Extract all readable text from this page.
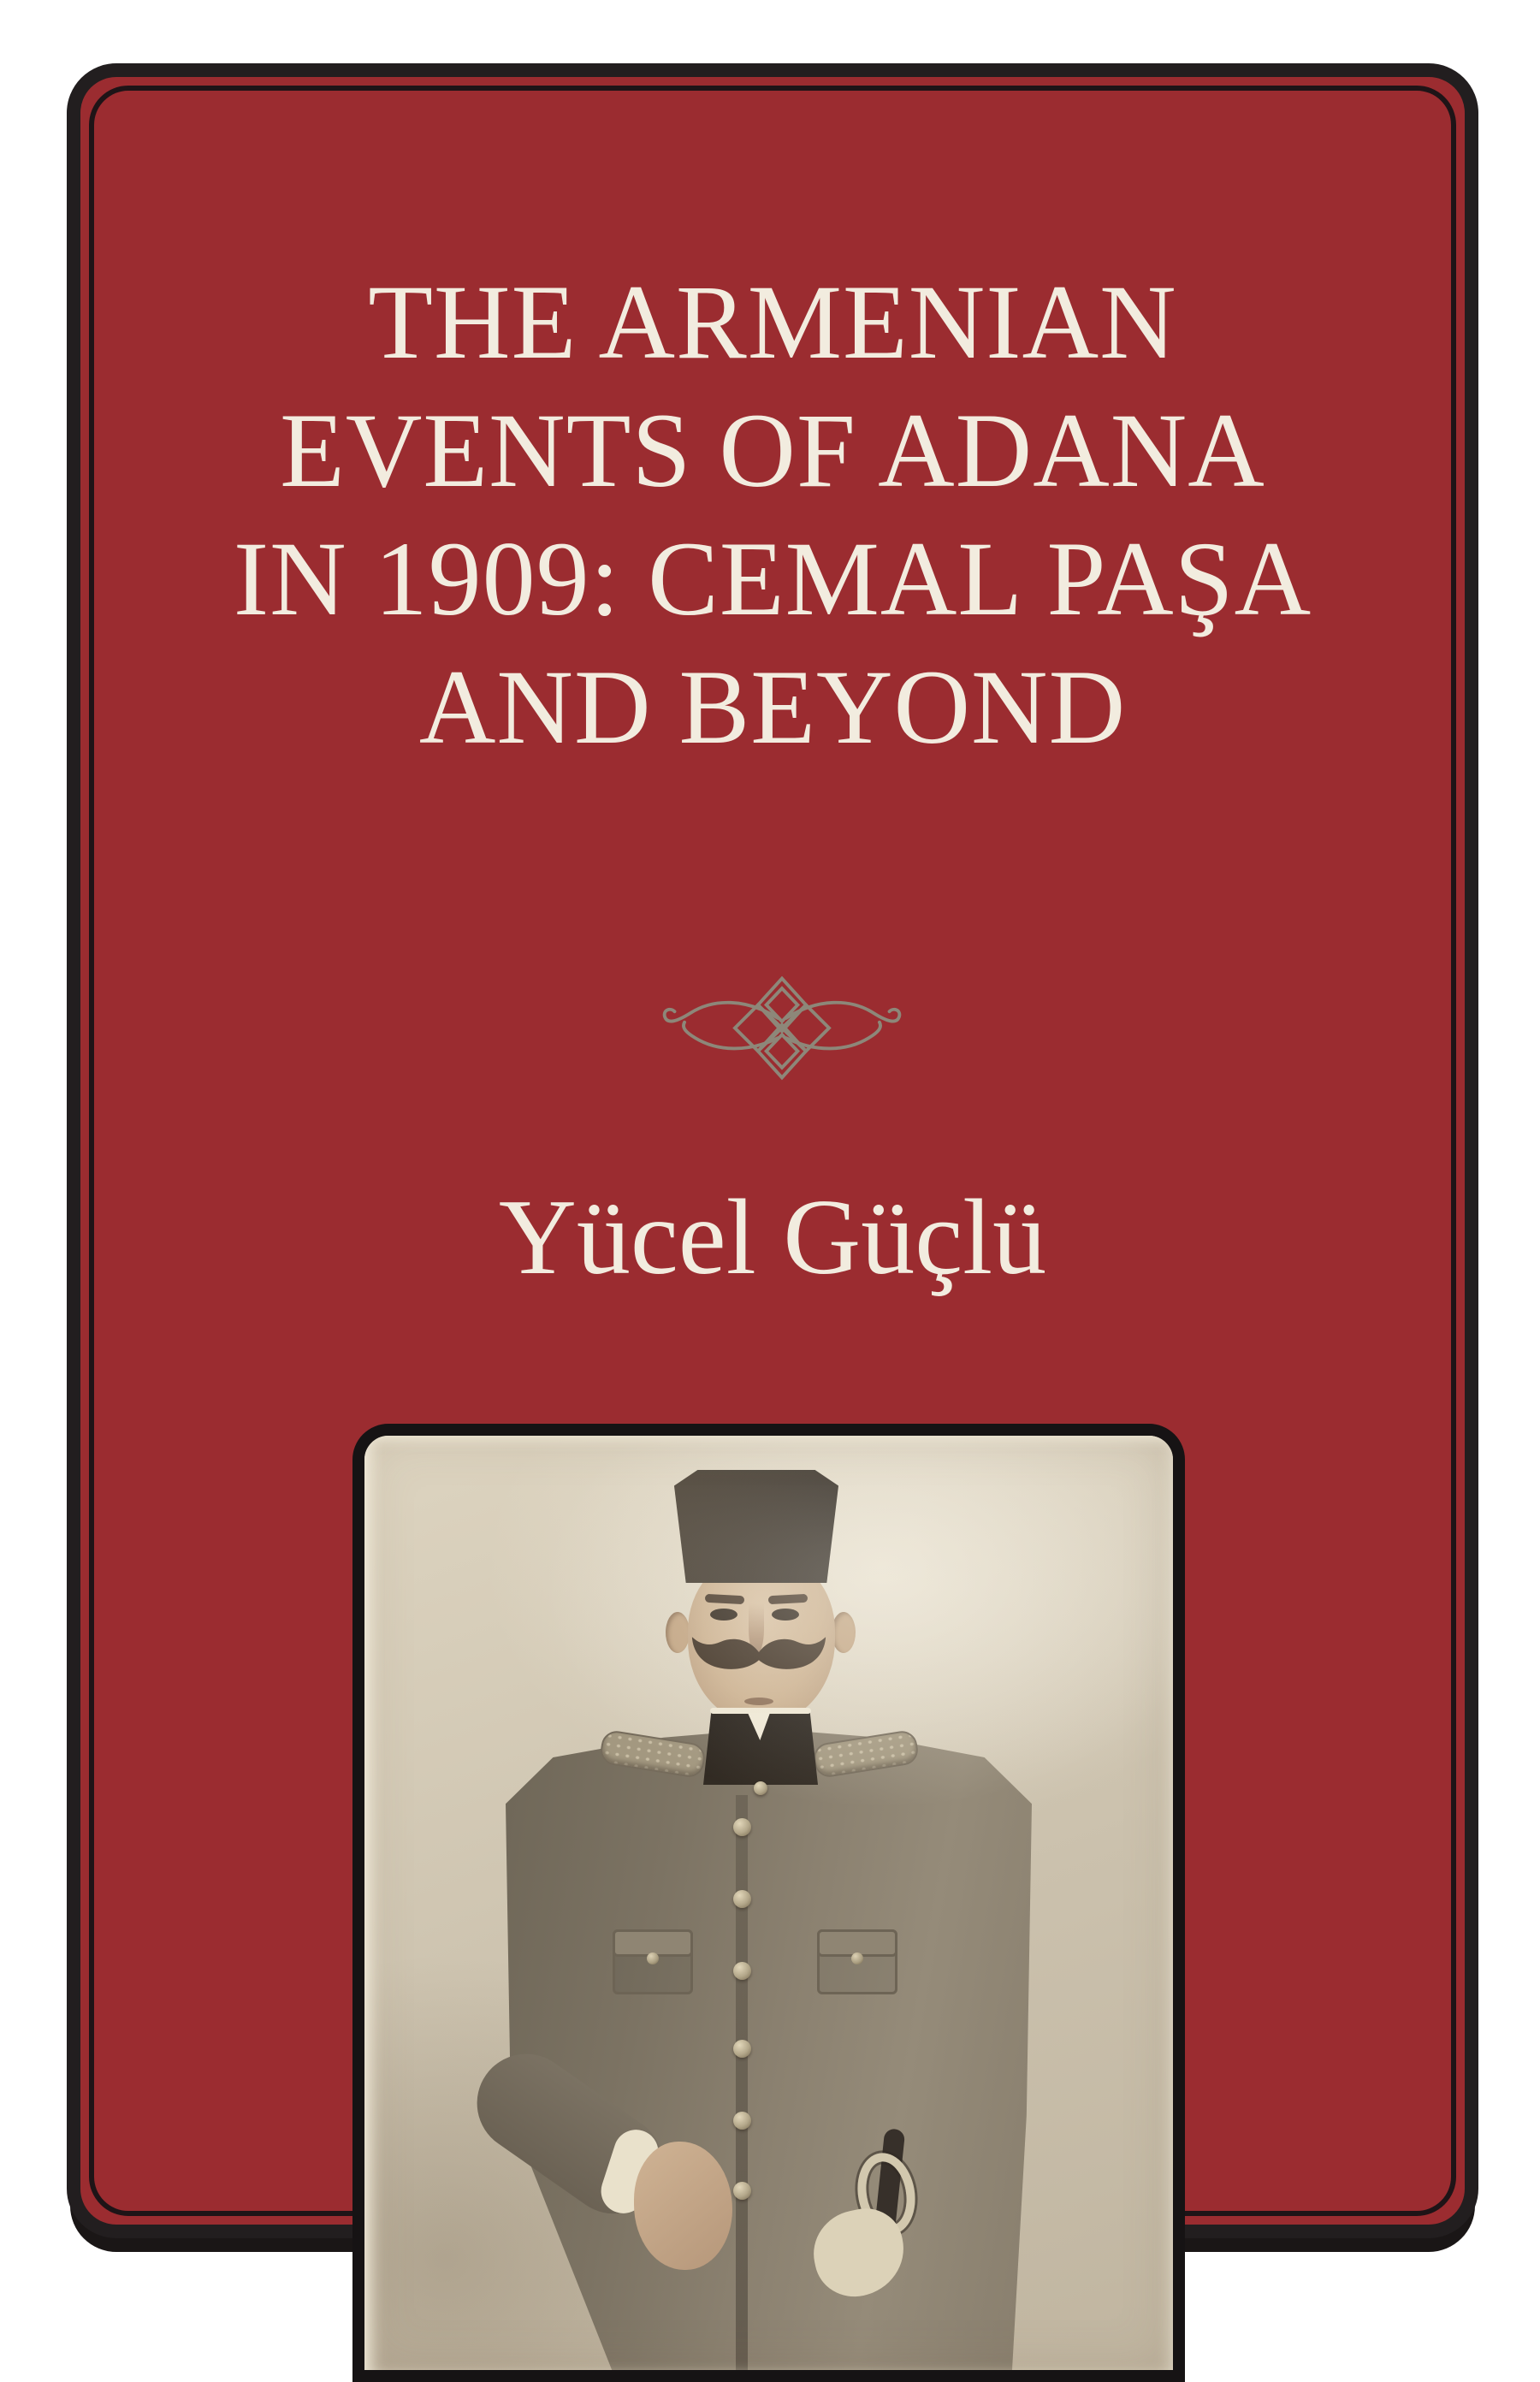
THE ARMENIAN
EVENTS OF ADANA
IN 1909: CEMAL PAŞA
AND BEYOND
Yücel Güçlü
